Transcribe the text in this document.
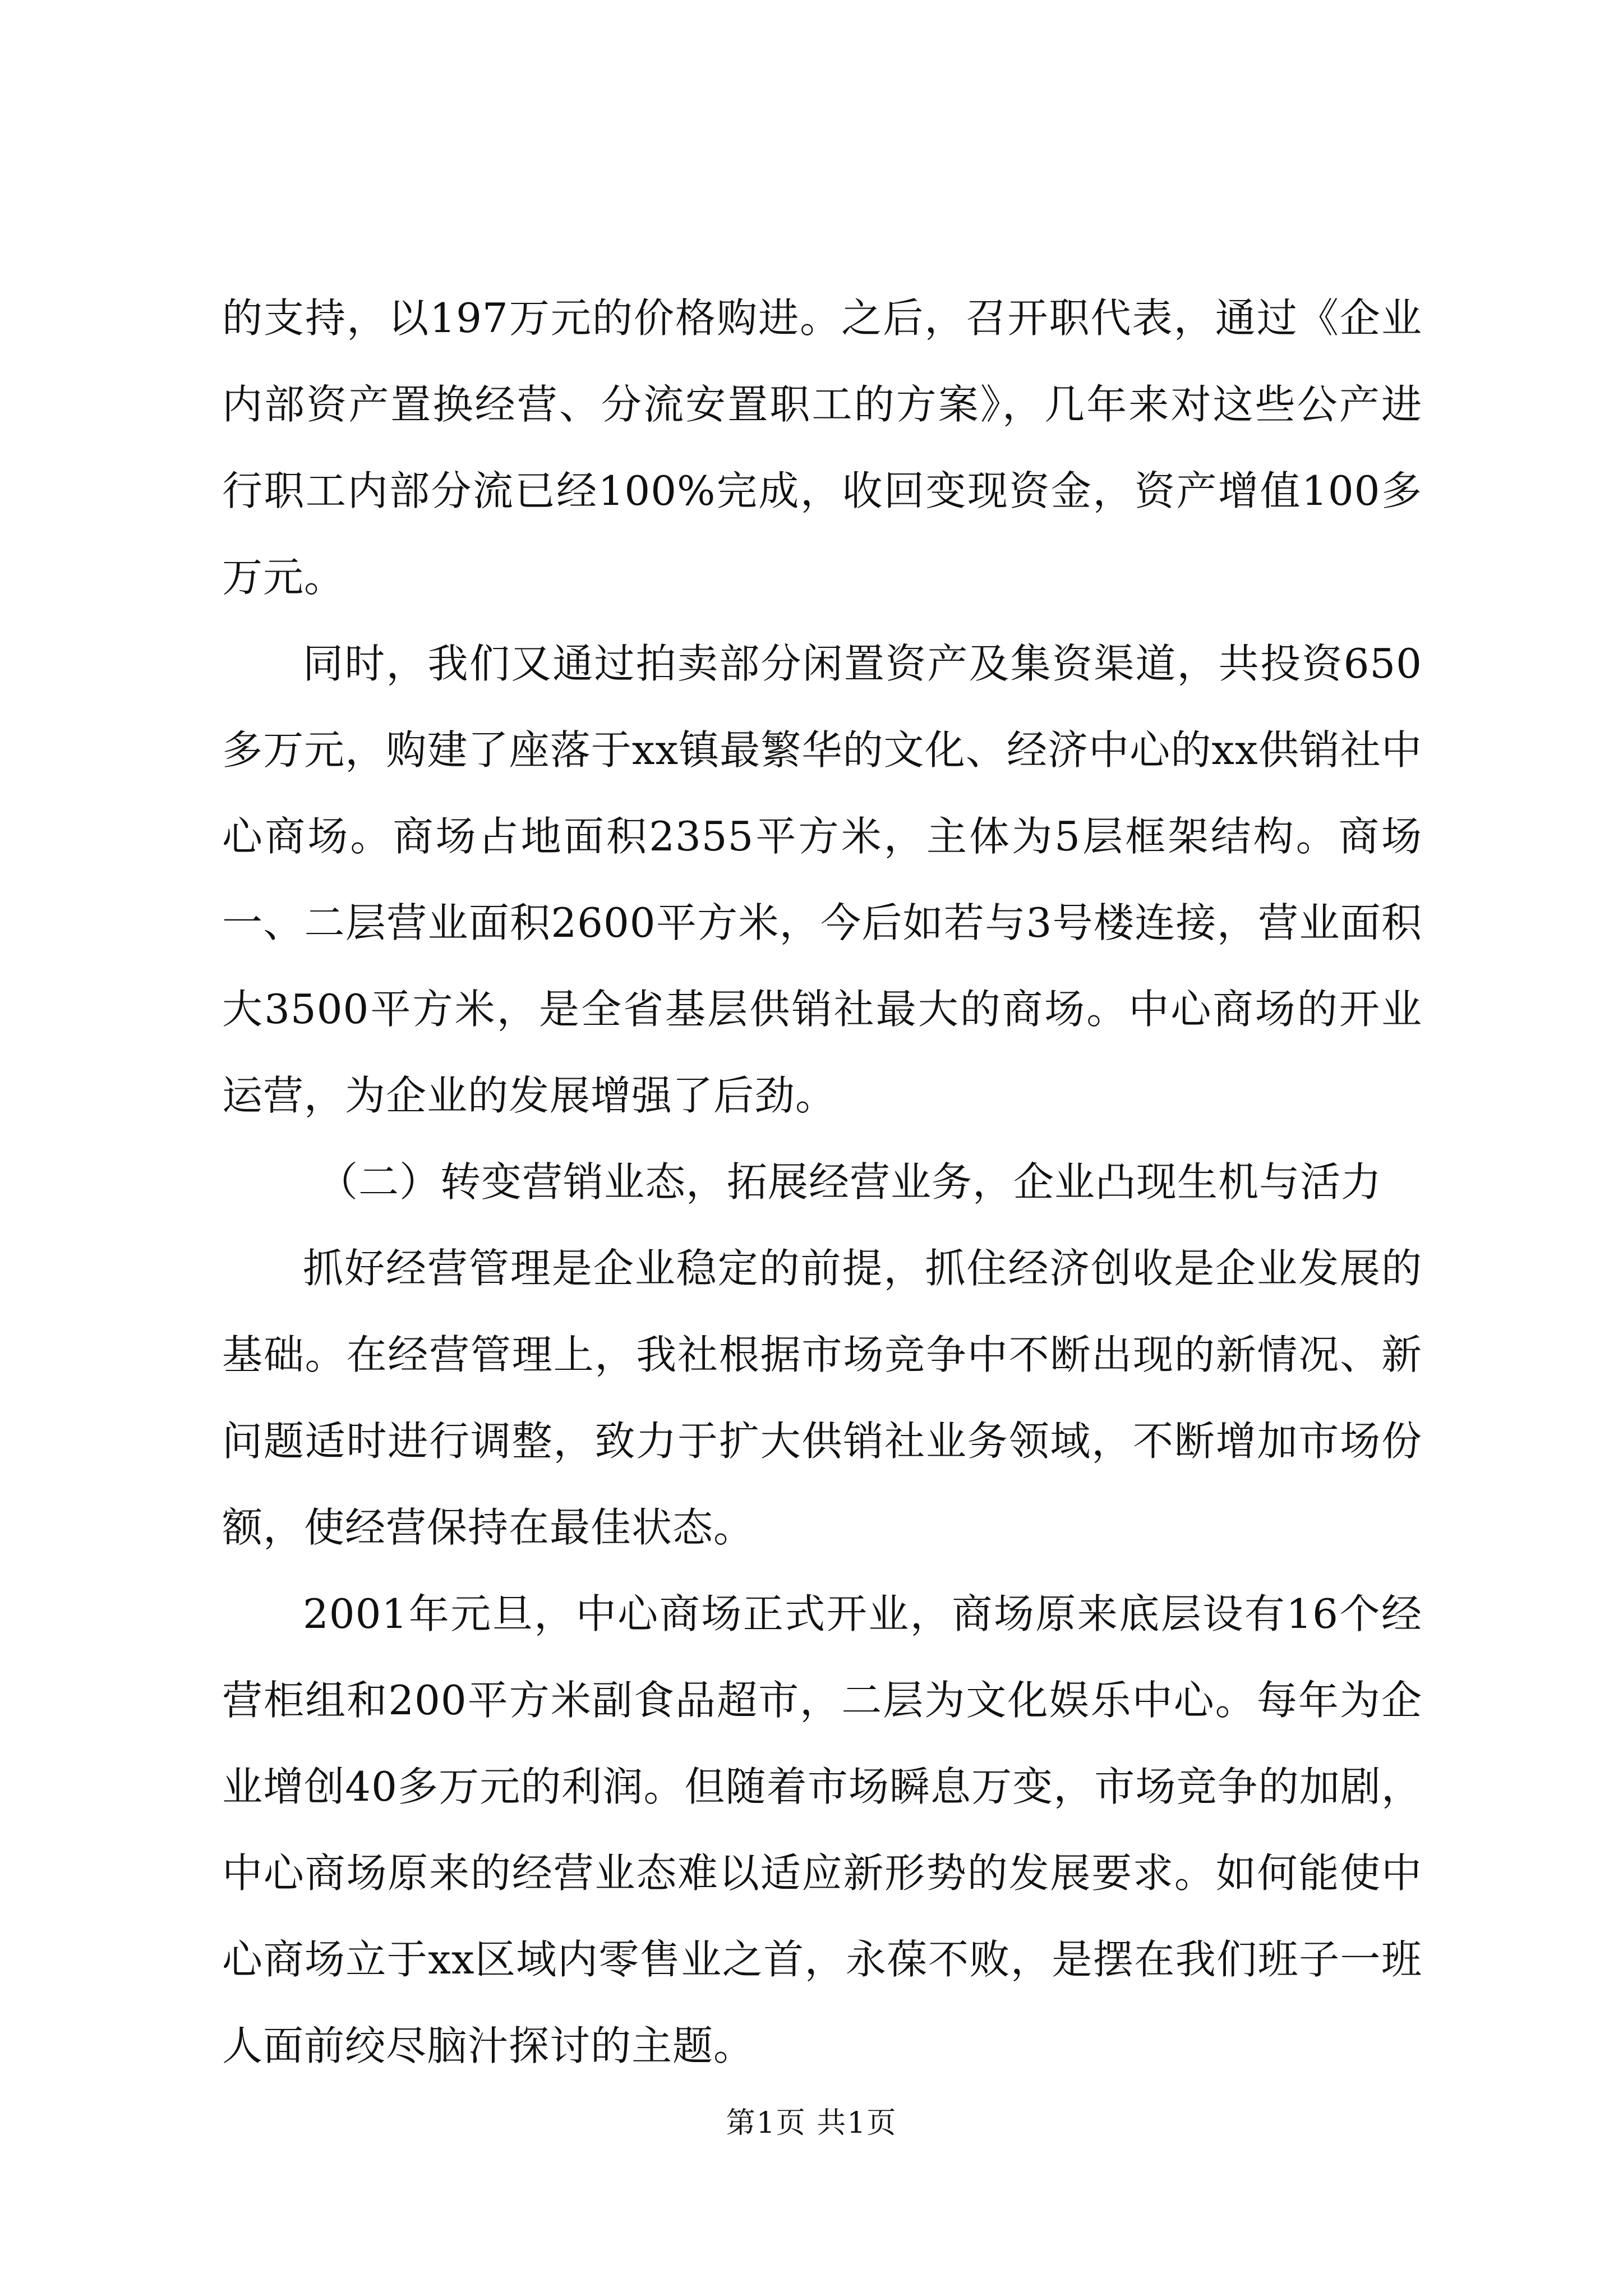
的支持，以197万元的价格购进。之后，召开职代表，通过《企业内部资产置换经营、分流安置职工的方案》，几年来对这些公产进行职工内部分流已经100%完成，收回变现资金，资产增值100多万元。

同时，我们又通过拍卖部分闲置资产及集资渠道，共投资650多万元，购建了座落于xx镇最繁华的文化、经济中心的xx供销社中心商场。商场占地面积2355平方米，主体为5层框架结构。商场一、二层营业面积2600平方米，今后如若与3号楼连接，营业面积大3500平方米，是全省基层供销社最大的商场。中心商场的开业运营，为企业的发展增强了后劲。

（二）转变营销业态，拓展经营业务，企业凸现生机与活力

抓好经营管理是企业稳定的前提，抓住经济创收是企业发展的基础。在经营管理上，我社根据市场竞争中不断出现的新情况、新问题适时进行调整，致力于扩大供销社业务领域，不断增加市场份额，使经营保持在最佳状态。

2001年元旦，中心商场正式开业，商场原来底层设有16个经营柜组和200平方米副食品超市，二层为文化娱乐中心。每年为企业增创40多万元的利润。但随着市场瞬息万变，市场竞争的加剧，中心商场原来的经营业态难以适应新形势的发展要求。如何能使中心商场立于xx区域内零售业之首，永葆不败，是摆在我们班子一班人面前绞尽脑汁探讨的主题。

第1页 共1页
